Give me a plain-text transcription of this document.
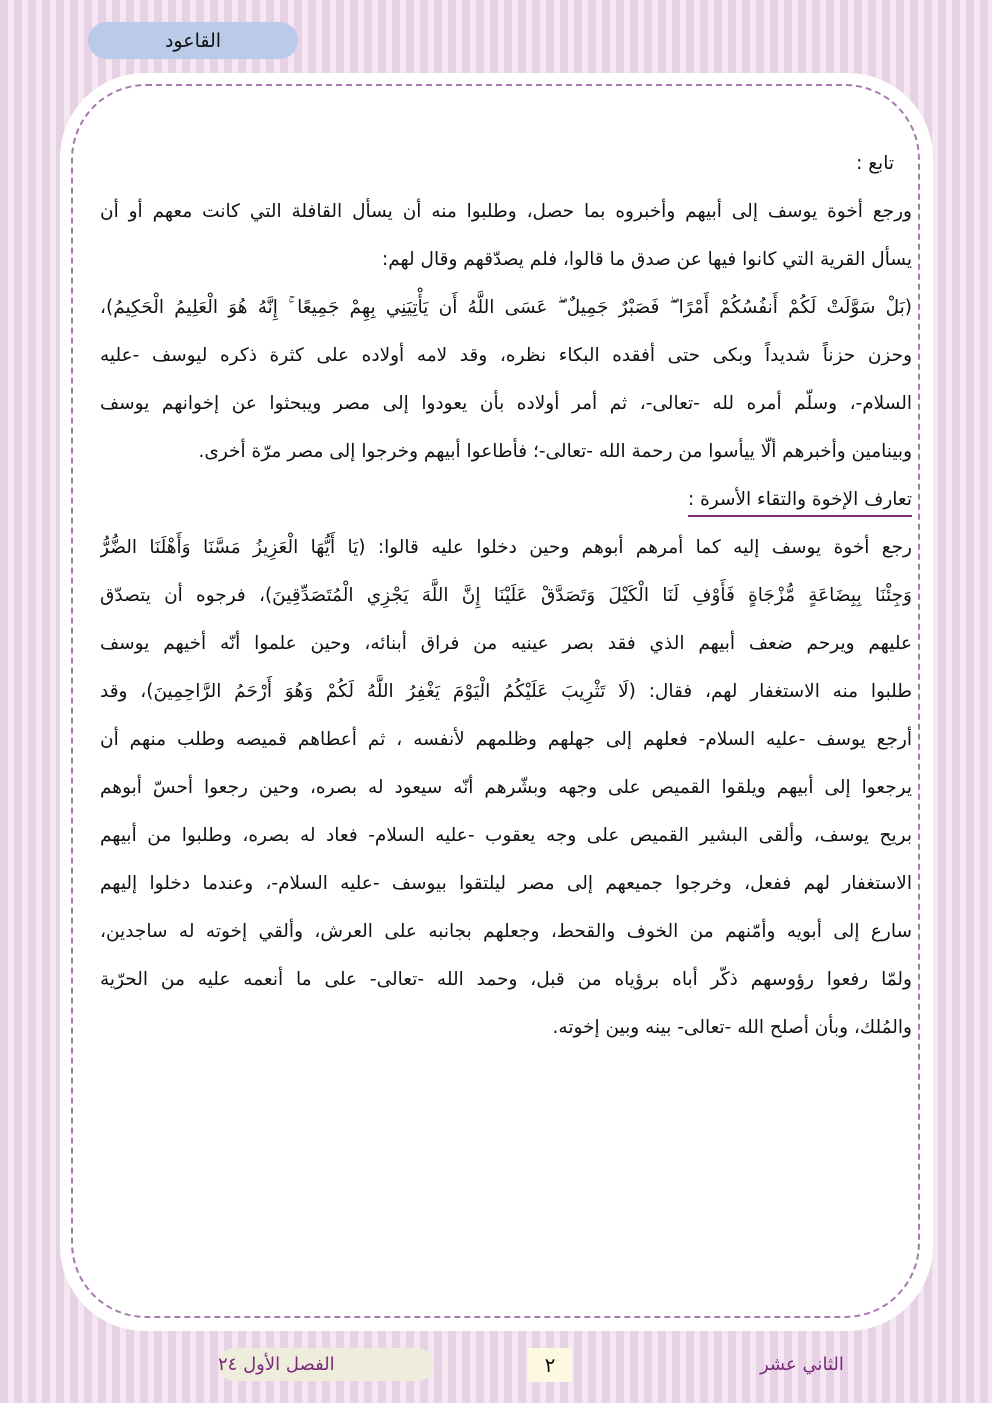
القاعود
تابع :
ورجع أخوة يوسف إلى أبيهم وأخبروه بما حصل، وطلبوا منه أن يسأل القافلة التي كانت معهم أو أن
يسأل القرية التي كانوا فيها عن صدق ما قالوا، فلم يصدّقهم وقال لهم:
(بَلْ سَوَّلَتْ لَكُمْ أَنفُسُكُمْ أَمْرًا ۖ فَصَبْرٌ جَمِيلٌ ۖ عَسَى اللَّهُ أَن يَأْتِيَنِي بِهِمْ جَمِيعًا ۚ إِنَّهُ هُوَ الْعَلِيمُ الْحَكِيمُ)،
وحزن حزناً شديداً وبكى حتى أفقده البكاء نظره، وقد لامه أولاده على كثرة ذكره ليوسف -عليه
السلام-، وسلّم أمره لله -تعالى-، ثم أمر أولاده بأن يعودوا إلى مصر ويبحثوا عن إخوانهم يوسف
وبينامين وأخبرهم ألّا ييأسوا من رحمة الله -تعالى-؛ فأطاعوا أبيهم وخرجوا إلى مصر مرّة أخرى.
تعارف الإخوة والتقاء الأسرة :
رجع أخوة يوسف إليه كما أمرهم أبوهم وحين دخلوا عليه قالوا: (يَا أَيُّهَا الْعَزِيزُ مَسَّنَا وَأَهْلَنَا الضُّرُّ
وَجِئْنَا بِبِضَاعَةٍ مُّزْجَاةٍ فَأَوْفِ لَنَا الْكَيْلَ وَتَصَدَّقْ عَلَيْنَا إِنَّ اللَّهَ يَجْزِي الْمُتَصَدِّقِينَ)، فرجوه أن يتصدّق
عليهم ويرحم ضعف أبيهم الذي فقد بصر عينيه من فراق أبنائه، وحين علموا أنّه أخيهم يوسف
طلبوا منه الاستغفار لهم، فقال: (لَا تَثْرِيبَ عَلَيْكُمُ الْيَوْمَ يَغْفِرُ اللَّهُ لَكُمْ وَهُوَ أَرْحَمُ الرَّاحِمِينَ)، وقد
أرجع يوسف -عليه السلام- فعلهم إلى جهلهم وظلمهم لأنفسه ، ثم أعطاهم قميصه وطلب منهم أن
يرجعوا إلى أبيهم ويلقوا القميص على وجهه وبشّرهم أنّه سيعود له بصره، وحين رجعوا أحسّ أبوهم
بريح يوسف، وألقى البشير القميص على وجه يعقوب -عليه السلام- فعاد له بصره، وطلبوا من أبيهم
الاستغفار لهم ففعل، وخرجوا جميعهم إلى مصر ليلتقوا بيوسف -عليه السلام-، وعندما دخلوا إليهم
سارع إلى أبويه وأمّنهم من الخوف والقحط، وجعلهم بجانبه على العرش، وألقي إخوته له ساجدين،
ولمّا رفعوا رؤوسهم ذكّر أباه برؤياه من قبل، وحمد الله -تعالى- على ما أنعمه عليه من الحرّية
والمُلك، وبأن أصلح الله -تعالى- بينه وبين إخوته.
الفصل الأول ٢٤	٢	الثاني عشر
